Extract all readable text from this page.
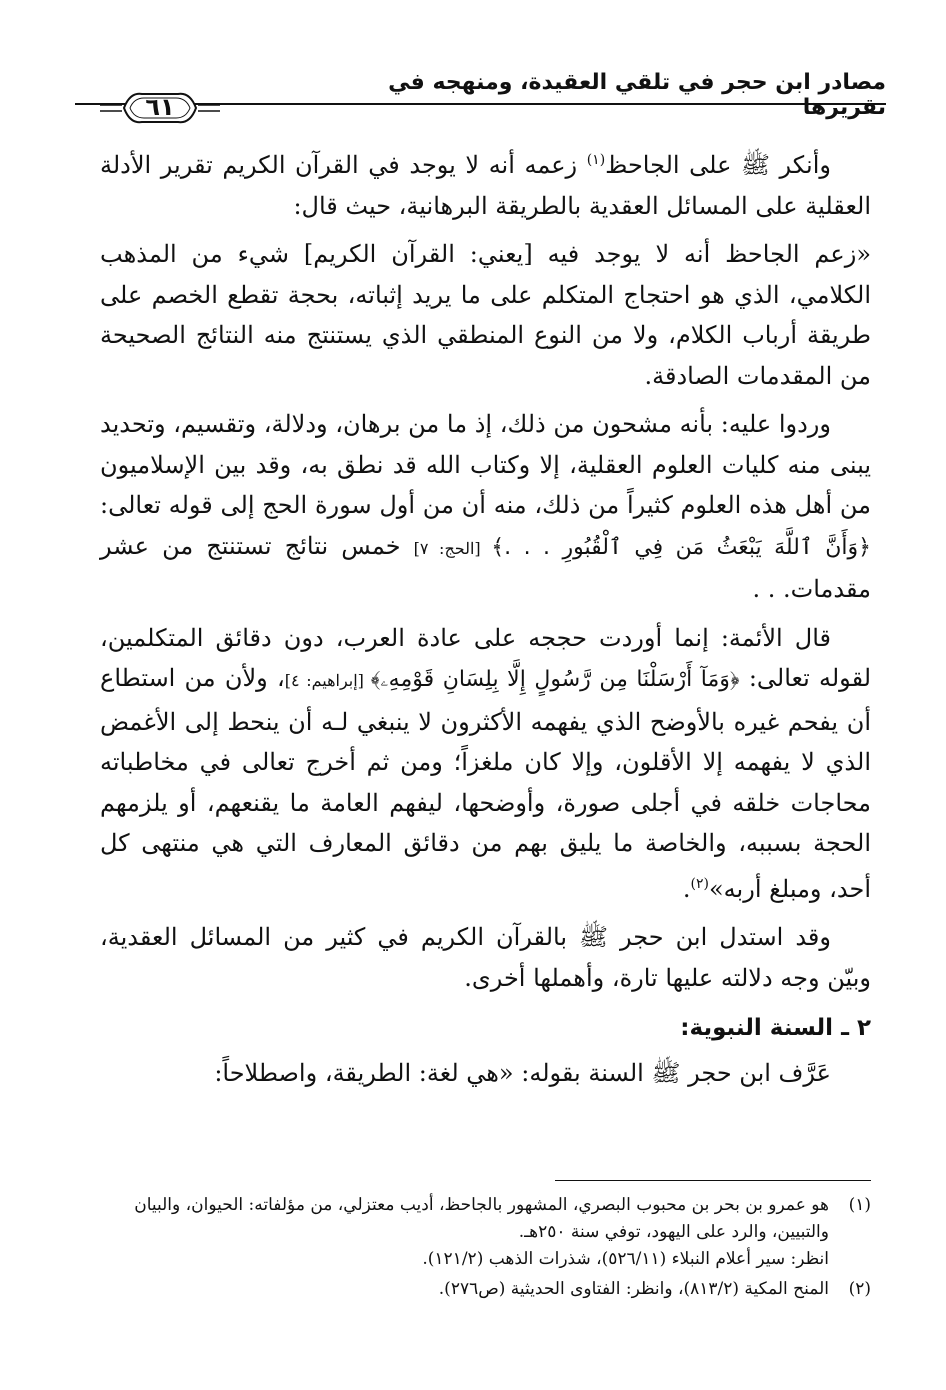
مصادر ابن حجر في تلقي العقيدة، ومنهجه في تقريرها
٦١

وأنكر ﷺ على الجاحظ$^{(١)}$ زعمه أنه لا يوجد في القرآن الكريم تقرير الأدلة العقلية على المسائل العقدية بالطريقة البرهانية، حيث قال:

«زعم الجاحظ أنه لا يوجد فيه [يعني: القرآن الكريم] شيء من المذهب الكلامي، الذي هو احتجاج المتكلم على ما يريد إثباته، بحجة تقطع الخصم على طريقة أرباب الكلام، ولا من النوع المنطقي الذي يستنتج منه النتائج الصحيحة من المقدمات الصادقة.

وردوا عليه: بأنه مشحون من ذلك، إذ ما من برهان، ودلالة، وتقسيم، وتحديد يبنى منه كليات العلوم العقلية، إلا وكتاب الله قد نطق به، وقد بين الإسلاميون من أهل هذه العلوم كثيراً من ذلك، منه أن من أول سورة الحج إلى قوله تعالى: ﴿وَأَنَّ ٱللَّهَ يَبْعَثُ مَن فِي ٱلْقُبُورِ . . .﴾ [الحج: ٧] خمس نتائج تستنتج من عشر مقدمات. . .

قال الأئمة: إنما أوردت حججه على عادة العرب، دون دقائق المتكلمين، لقوله تعالى: ﴿وَمَآ أَرْسَلْنَا مِن رَّسُولٍ إِلَّا بِلِسَانِ قَوْمِهِۦ﴾ [إبراهيم: ٤]، ولأن من استطاع أن يفحم غيره بالأوضح الذي يفهمه الأكثرون لا ينبغي لـه أن ينحط إلى الأغمض الذي لا يفهمه إلا الأقلون، وإلا كان ملغزاً؛ ومن ثم أخرج تعالى في مخاطباته محاجات خلقه في أجلى صورة، وأوضحها، ليفهم العامة ما يقنعهم، أو يلزمهم الحجة بسببه، والخاصة ما يليق بهم من دقائق المعارف التي هي منتهى كل أحد، ومبلغ أربه»$^{(٢)}$.

وقد استدل ابن حجر ﷺ بالقرآن الكريم في كثير من المسائل العقدية، وبيّن وجه دلالته عليها تارة، وأهملها أخرى.

٢ ـ السنة النبوية:

عَرَّف ابن حجر ﷺ السنة بقوله: «هي لغة: الطريقة، واصطلاحاً:

(١)
هو عمرو بن بحر بن محبوب البصري، المشهور بالجاحظ، أديب معتزلي، من مؤلفاته: الحيوان، والبيان والتبيين، والرد على اليهود، توفي سنة ٢٥٠هـ.
انظر: سير أعلام النبلاء (٥٢٦/١١)، شذرات الذهب (١٢١/٢).
(٢)
المنح المكية (٨١٣/٢)، وانظر: الفتاوى الحديثية (ص٢٧٦).
